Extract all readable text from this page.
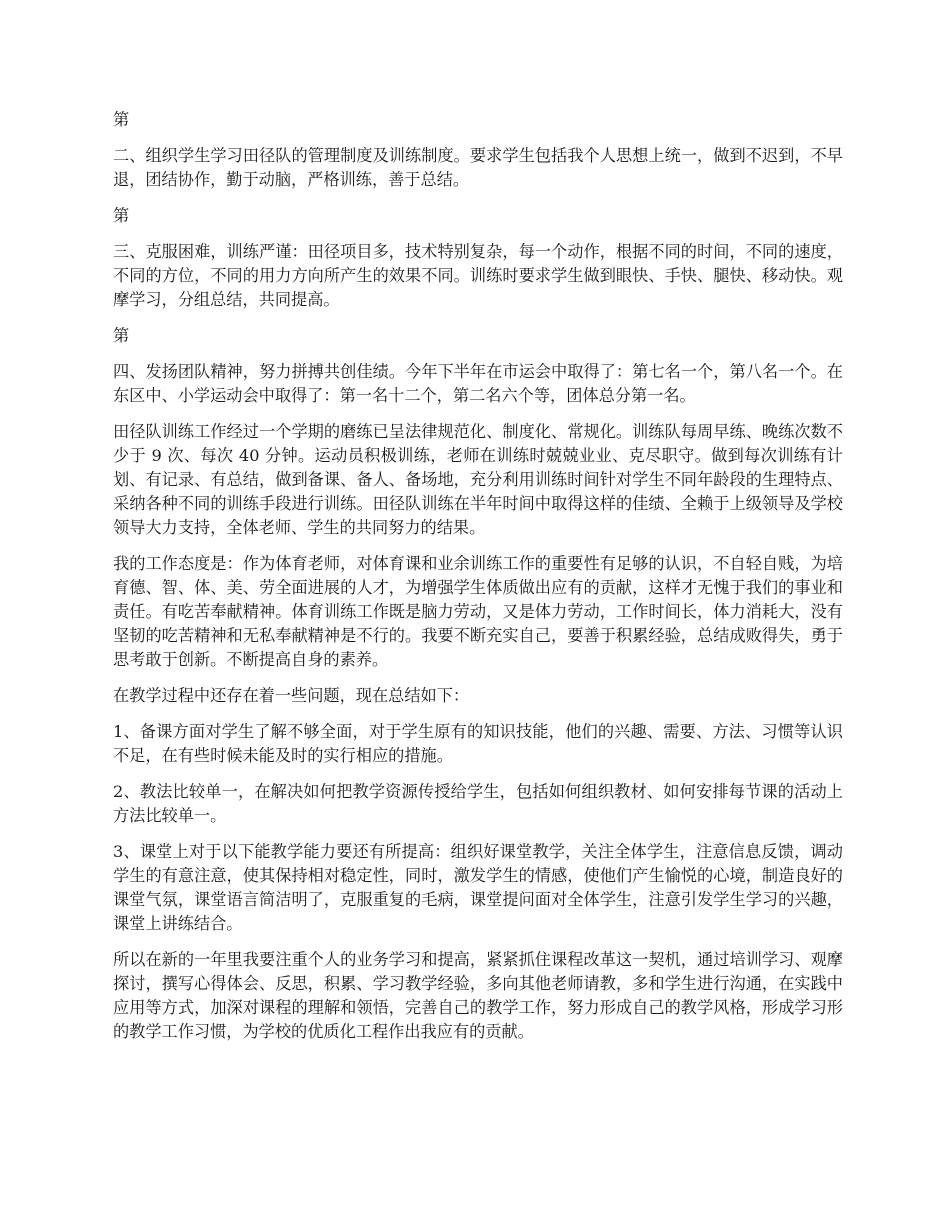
第

二、组织学生学习田径队的管理制度及训练制度。要求学生包括我个人思想上统一，做到不迟到，不早退，团结协作，勤于动脑，严格训练，善于总结。

第

三、克服困难，训练严谨：田径项目多，技术特别复杂，每一个动作，根据不同的时间，不同的速度，不同的方位，不同的用力方向所产生的效果不同。训练时要求学生做到眼快、手快、腿快、移动快。观摩学习，分组总结，共同提高。

第

四、发扬团队精神，努力拼搏共创佳绩。今年下半年在市运会中取得了：第七名一个，第八名一个。在东区中、小学运动会中取得了：第一名十二个，第二名六个等，团体总分第一名。

田径队训练工作经过一个学期的磨练已呈法律规范化、制度化、常规化。训练队每周早练、晚练次数不少于 9 次、每次 40 分钟。运动员积极训练，老师在训练时兢兢业业、克尽职守。做到每次训练有计划、有记录、有总结，做到备课、备人、备场地，充分利用训练时间针对学生不同年龄段的生理特点、采纳各种不同的训练手段进行训练。田径队训练在半年时间中取得这样的佳绩、全赖于上级领导及学校领导大力支持，全体老师、学生的共同努力的结果。

我的工作态度是：作为体育老师，对体育课和业余训练工作的重要性有足够的认识，不自轻自贱，为培育德、智、体、美、劳全面进展的人才，为增强学生体质做出应有的贡献，这样才无愧于我们的事业和责任。有吃苦奉献精神。体育训练工作既是脑力劳动，又是体力劳动，工作时间长，体力消耗大，没有坚韧的吃苦精神和无私奉献精神是不行的。我要不断充实自己，要善于积累经验，总结成败得失，勇于思考敢于创新。不断提高自身的素养。

在教学过程中还存在着一些问题，现在总结如下：

1、备课方面对学生了解不够全面，对于学生原有的知识技能，他们的兴趣、需要、方法、习惯等认识不足，在有些时候未能及时的实行相应的措施。

2、教法比较单一，在解决如何把教学资源传授给学生，包括如何组织教材、如何安排每节课的活动上方法比较单一。

3、课堂上对于以下能教学能力要还有所提高：组织好课堂教学，关注全体学生，注意信息反馈，调动学生的有意注意，使其保持相对稳定性，同时，激发学生的情感，使他们产生愉悦的心境，制造良好的课堂气氛，课堂语言简洁明了，克服重复的毛病，课堂提问面对全体学生，注意引发学生学习的兴趣，课堂上讲练结合。

所以在新的一年里我要注重个人的业务学习和提高，紧紧抓住课程改革这一契机，通过培训学习、观摩探讨，撰写心得体会、反思，积累、学习教学经验，多向其他老师请教，多和学生进行沟通，在实践中应用等方式，加深对课程的理解和领悟，完善自己的教学工作，努力形成自己的教学风格，形成学习形的教学工作习惯，为学校的优质化工程作出我应有的贡献。
